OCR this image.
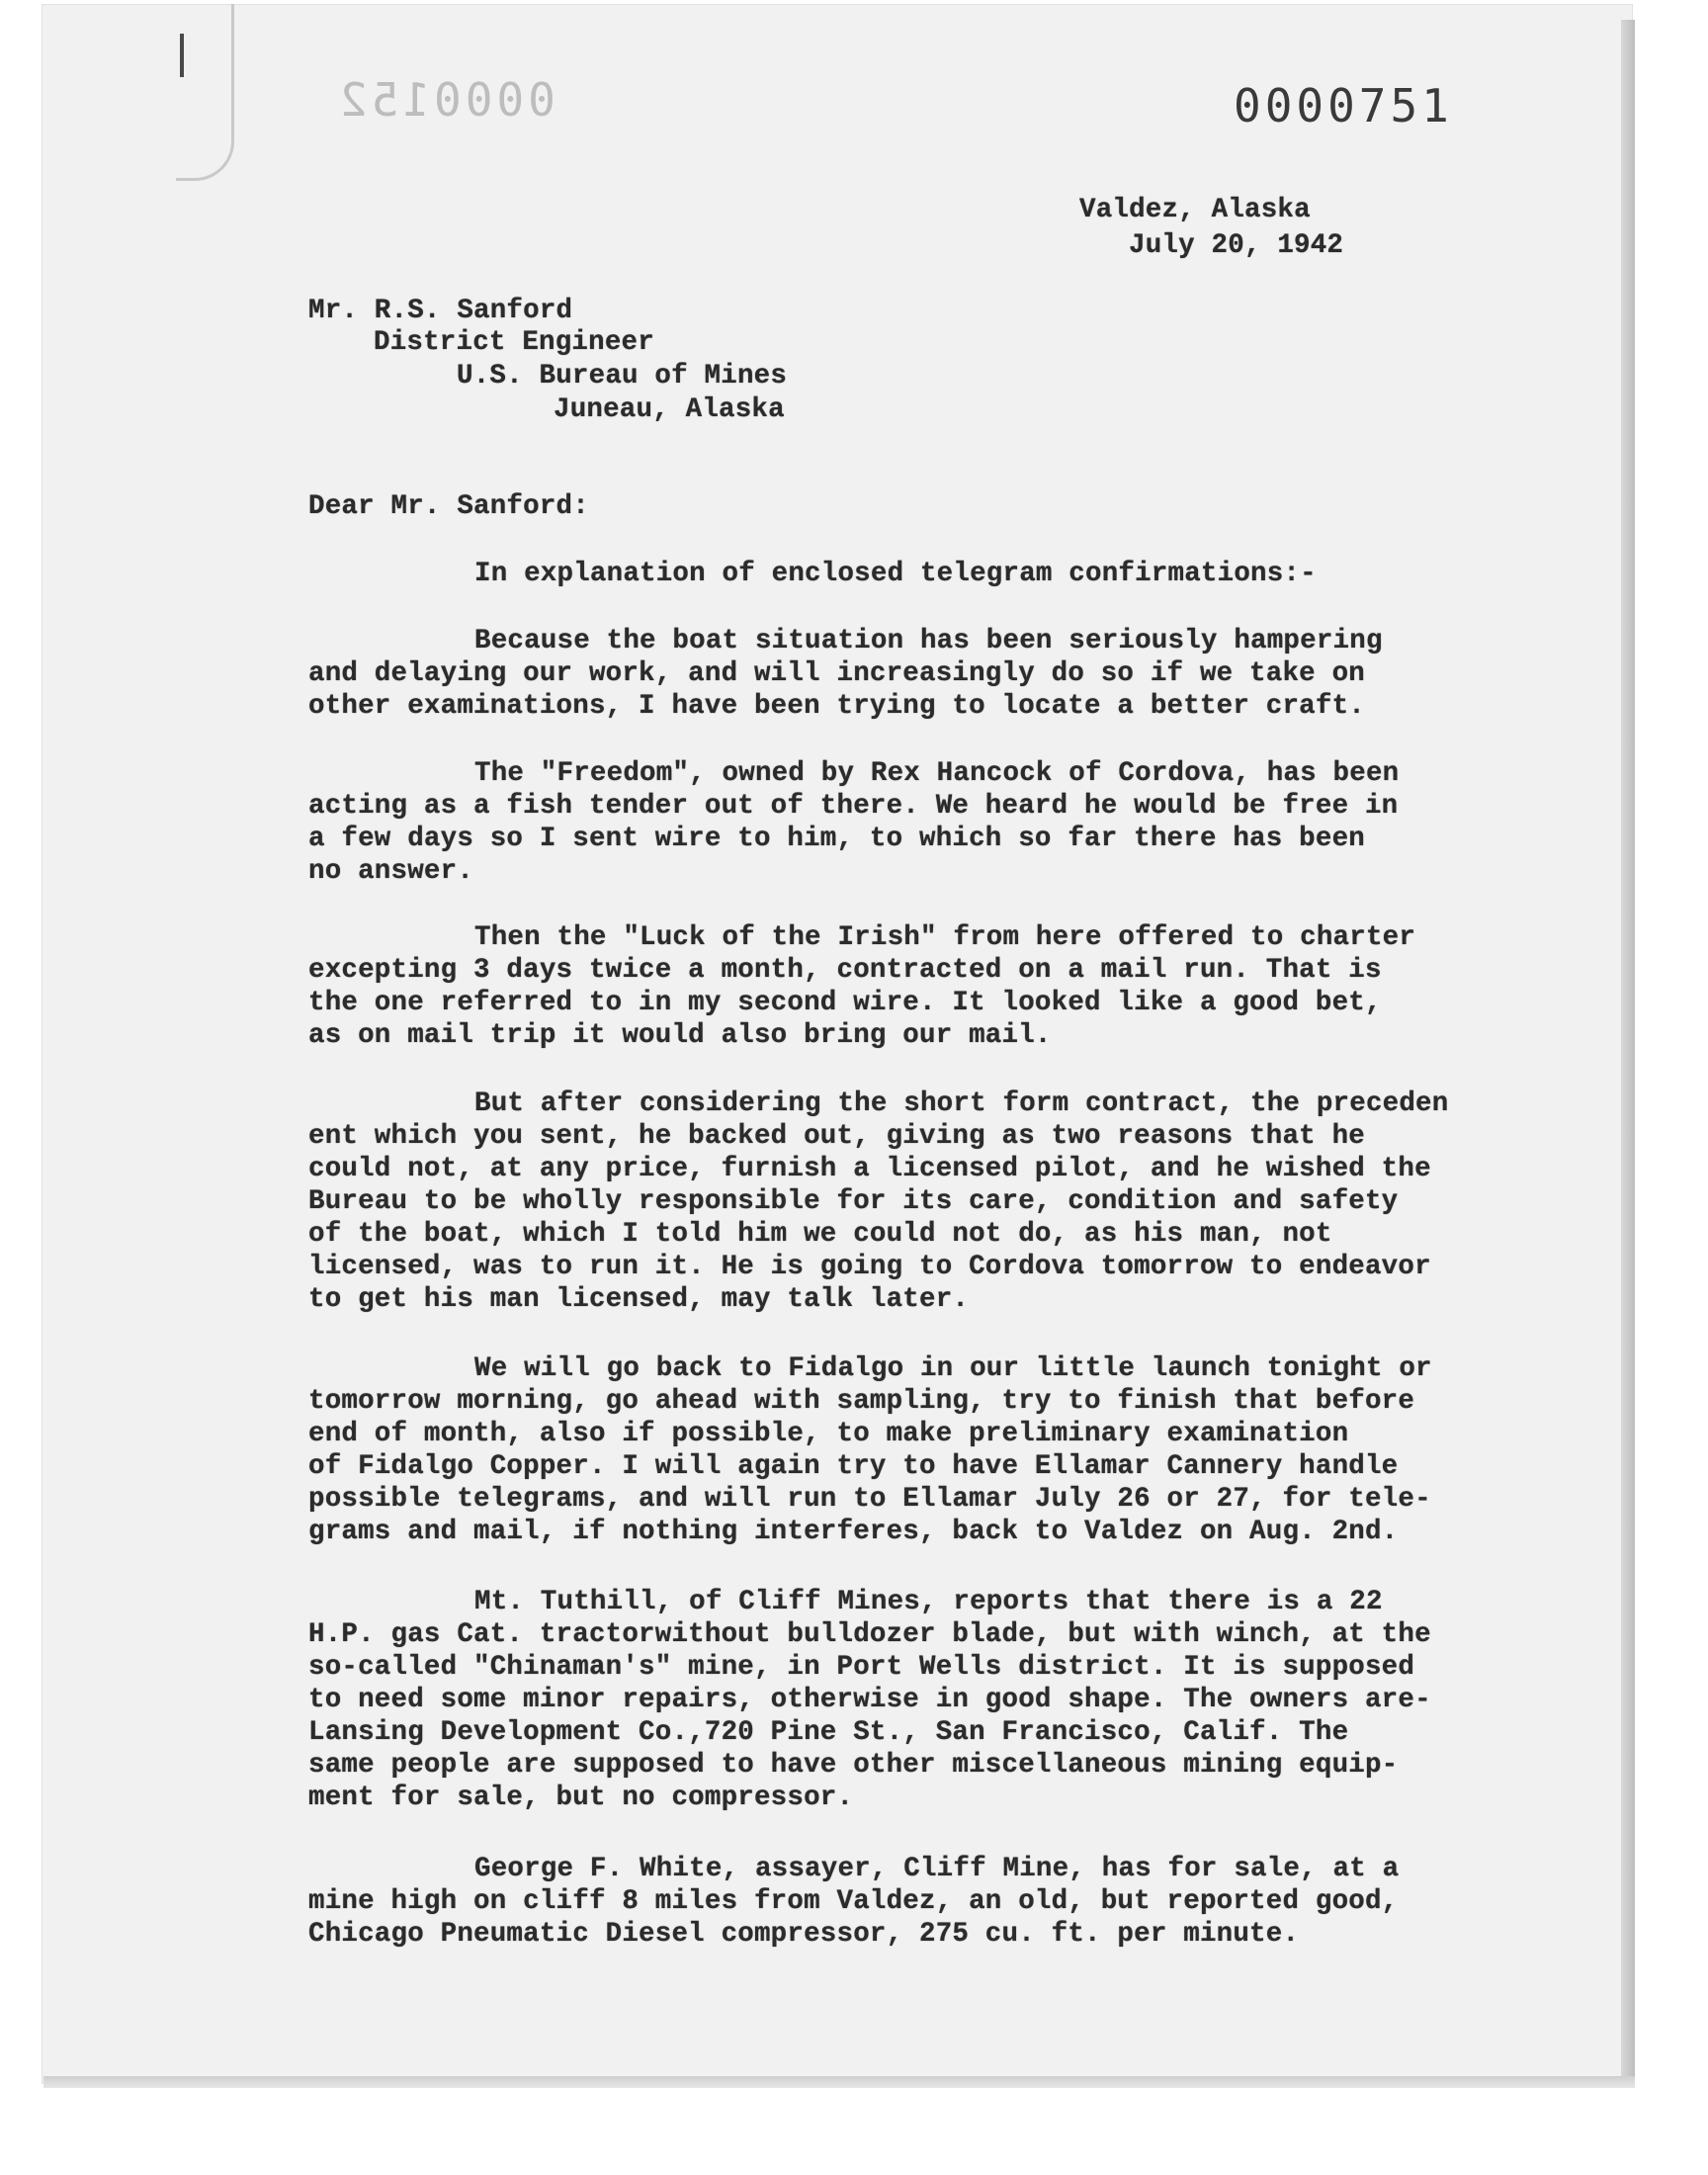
0000152	0000751
Valdez, Alaska
July 20, 1942
Mr. R.S. Sanford
District Engineer
U.S. Bureau of Mines
Juneau, Alaska
Dear Mr. Sanford:
In explanation of enclosed telegram confirmations:-
Because the boat situation has been seriously hampering
and delaying our work, and will increasingly do so if we take on
other examinations, I have been trying to locate a better craft.
The "Freedom", owned by Rex Hancock of Cordova, has been
acting as a fish tender out of there. We heard he would be free in
a few days so I sent wire to him, to which so far there has been
no answer.
Then the "Luck of the Irish" from here offered to charter
excepting 3 days twice a month, contracted on a mail run. That is
the one referred to in my second wire. It looked like a good bet,
as on mail trip it would also bring our mail.
But after considering the short form contract, the preceden
ent which you sent, he backed out, giving as two reasons that he
could not, at any price, furnish a licensed pilot, and he wished the
Bureau to be wholly responsible for its care, condition and safety
of the boat, which I told him we could not do, as his man, not
licensed, was to run it. He is going to Cordova tomorrow to endeavor
to get his man licensed, may talk later.
We will go back to Fidalgo in our little launch tonight or
tomorrow morning, go ahead with sampling, try to finish that before
end of month, also if possible, to make preliminary examination
of Fidalgo Copper. I will again try to have Ellamar Cannery handle
possible telegrams, and will run to Ellamar July 26 or 27, for tele-
grams and mail, if nothing interferes, back to Valdez on Aug. 2nd.
Mt. Tuthill, of Cliff Mines, reports that there is a 22
H.P. gas Cat. tractorwithout bulldozer blade, but with winch, at the
so-called "Chinaman's" mine, in Port Wells district. It is supposed
to need some minor repairs, otherwise in good shape. The owners are-
Lansing Development Co.,720 Pine St., San Francisco, Calif. The
same people are supposed to have other miscellaneous mining equip-
ment for sale, but no compressor.
George F. White, assayer, Cliff Mine, has for sale, at a
mine high on cliff 8 miles from Valdez, an old, but reported good,
Chicago Pneumatic Diesel compressor, 275 cu. ft. per minute.
